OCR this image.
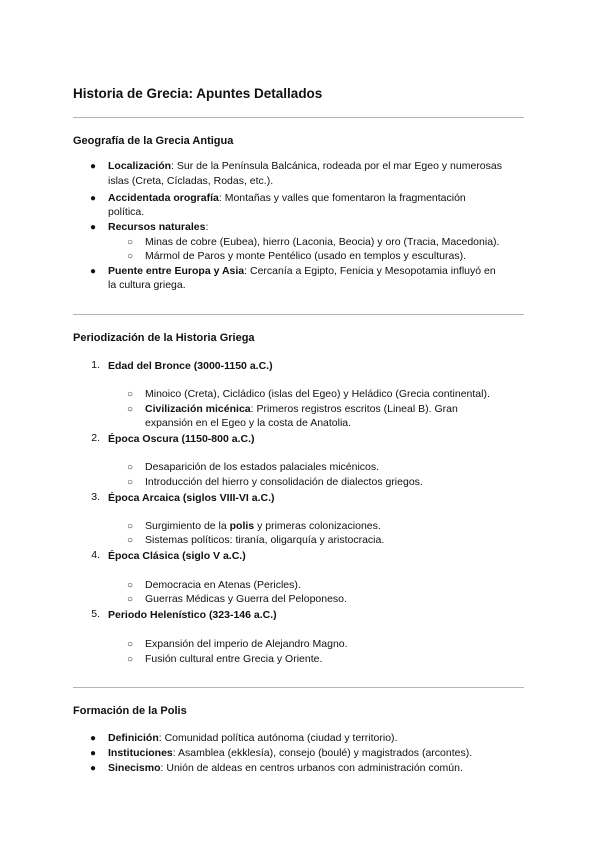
Historia de Grecia: Apuntes Detallados
Geografía de la Grecia Antigua
● Localización: Sur de la Península Balcánica, rodeada por el mar Egeo y numerosas
islas (Creta, Cícladas, Rodas, etc.).
● Accidentada orografía: Montañas y valles que fomentaron la fragmentación
política.
● Recursos naturales:
○ Minas de cobre (Eubea), hierro (Laconia, Beocia) y oro (Tracia, Macedonia).
○ Mármol de Paros y monte Pentélico (usado en templos y esculturas).
● Puente entre Europa y Asia: Cercanía a Egipto, Fenicia y Mesopotamia influyó en
la cultura griega.
Periodización de la Historia Griega
1. Edad del Bronce (3000-1150 a.C.)
○ Minoico (Creta), Cicládico (islas del Egeo) y Heládico (Grecia continental).
○ Civilización micénica: Primeros registros escritos (Lineal B). Gran
expansión en el Egeo y la costa de Anatolia.
2. Época Oscura (1150-800 a.C.)
○ Desaparición de los estados palaciales micénicos.
○ Introducción del hierro y consolidación de dialectos griegos.
3. Época Arcaica (siglos VIII-VI a.C.)
○ Surgimiento de la polis y primeras colonizaciones.
○ Sistemas políticos: tiranía, oligarquía y aristocracia.
4. Época Clásica (siglo V a.C.)
○ Democracia en Atenas (Pericles).
○ Guerras Médicas y Guerra del Peloponeso.
5. Periodo Helenístico (323-146 a.C.)
○ Expansión del imperio de Alejandro Magno.
○ Fusión cultural entre Grecia y Oriente.
Formación de la Polis
● Definición: Comunidad política autónoma (ciudad y territorio).
● Instituciones: Asamblea (ekklesía), consejo (boulé) y magistrados (arcontes).
● Sinecismo: Unión de aldeas en centros urbanos con administración común.
